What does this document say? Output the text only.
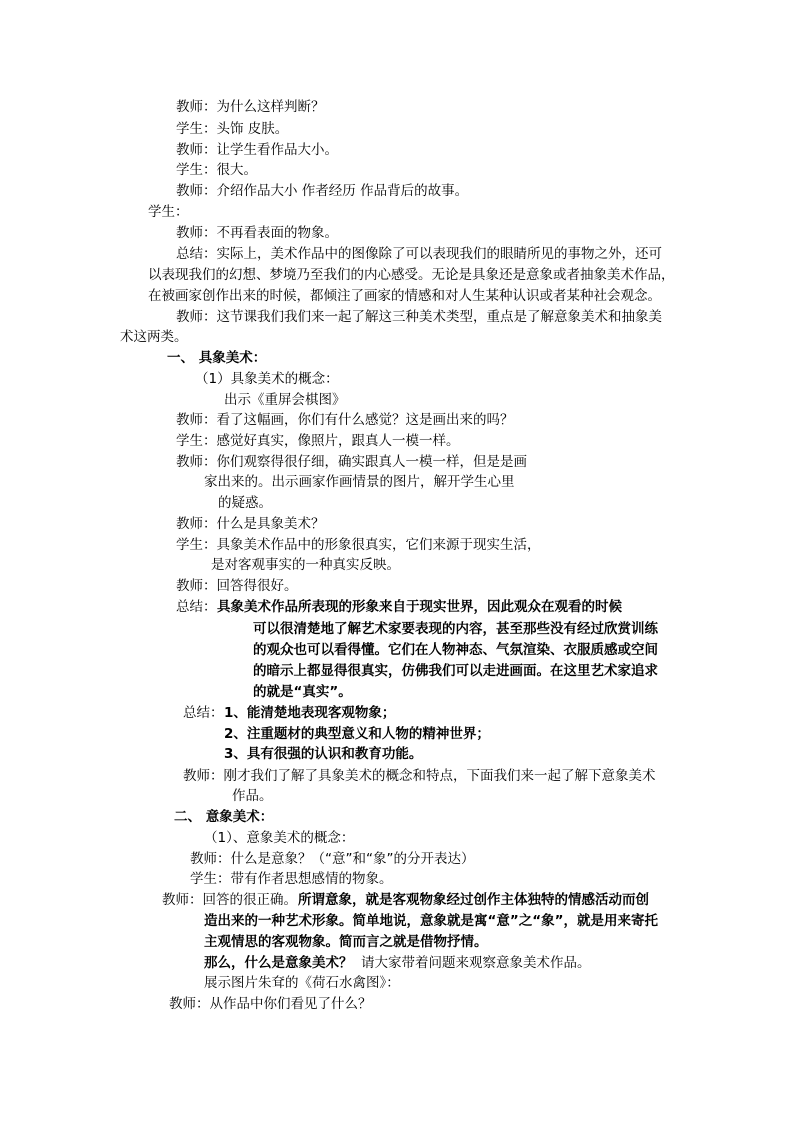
教师：为什么这样判断？
学生：头饰 皮肤。
教师：让学生看作品大小。
学生：很大。
教师：介绍作品大小 作者经历 作品背后的故事。
学生：
教师：不再看表面的物象。
总结：实际上，美术作品中的图像除了可以表现我们的眼睛所见的事物之外，还可
以表现我们的幻想、梦境乃至我们的内心感受。无论是具象还是意象或者抽象美术作品，
在被画家创作出来的时候，都倾注了画家的情感和对人生某种认识或者某种社会观念。
教师：这节课我们我们来一起了解这三种美术类型，重点是了解意象美术和抽象美
术这两类。
一、 具象美术：
（1）具象美术的概念：
出示《重屏会棋图》
教师：看了这幅画，你们有什么感觉？这是画出来的吗？
学生：感觉好真实，像照片，跟真人一模一样。
教师：你们观察得很仔细，确实跟真人一模一样，但是是画
家出来的。出示画家作画情景的图片，解开学生心里
的疑惑。
教师：什么是具象美术？
学生：具象美术作品中的形象很真实，它们来源于现实生活，
是对客观事实的一种真实反映。
教师：回答得很好。
总结： 具象美术作品所表现的形象来自于现实世界，因此观众在观看的时候
可以很清楚地了解艺术家要表现的内容，甚至那些没有经过欣赏训练
的观众也可以看得懂。它们在人物神态、气氛渲染、衣服质感或空间
的暗示上都显得很真实，仿佛我们可以走进画面。在这里艺术家追求
的就是“真实”。
总结： 1、能清楚地表现客观物象；
2、注重题材的典型意义和人物的精神世界；
3、具有很强的认识和教育功能。
教师：刚才我们了解了具象美术的概念和特点，下面我们来一起了解下意象美术
作品。
二、 意象美术：
（1）、意象美术的概念：
教师：什么是意象？（“意”和“象”的分开表达）
学生：带有作者思想感情的物象。
教师：回答的很正确。 所谓意象，就是客观物象经过创作主体独特的情感活动而创
造出来的一种艺术形象。简单地说，意象就是寓“意”之“象”，就是用来寄托
主观情思的客观物象。简而言之就是借物抒情。
那么，什么是意象美术？ 请大家带着问题来观察意象美术作品。
展示图片朱耷的《荷石水禽图》：
教师：从作品中你们看见了什么？
